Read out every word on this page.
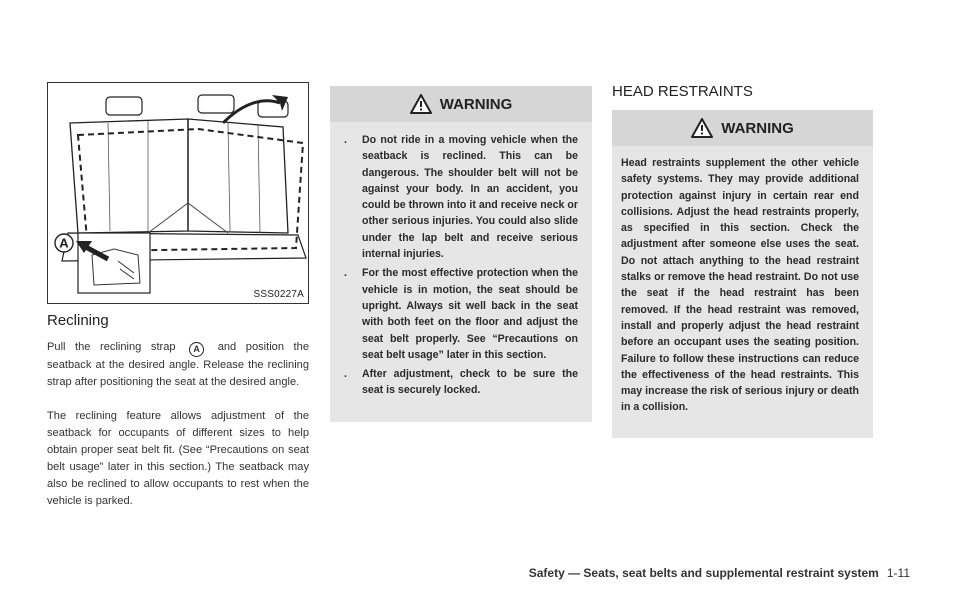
A
SSS0227A
Reclining

Pull the reclining strap A and position the seatback at the desired angle. Release the reclining strap after positioning the seat at the desired angle.

The reclining feature allows adjustment of the seatback for occupants of different sizes to help obtain proper seat belt fit. (See “Precautions on seat belt usage” later in this section.) The seatback may also be reclined to allow occupants to rest when the vehicle is parked.

WARNING
. Do not ride in a moving vehicle when the seatback is reclined. This can be dangerous. The shoulder belt will not be against your body. In an accident, you could be thrown into it and receive neck or other serious injuries. You could also slide under the lap belt and receive serious internal injuries.
. For the most effective protection when the vehicle is in motion, the seat should be upright. Always sit well back in the seat with both feet on the floor and adjust the seat belt properly. See “Precautions on seat belt usage” later in this section.
. After adjustment, check to be sure the seat is securely locked.
HEAD RESTRAINTS
WARNING

Head restraints supplement the other vehicle safety systems. They may provide additional protection against injury in certain rear end collisions. Adjust the head restraints properly, as specified in this section. Check the adjustment after someone else uses the seat. Do not attach anything to the head restraint stalks or remove the head restraint. Do not use the seat if the head restraint has been removed. If the head restraint was removed, install and properly adjust the head restraint before an occupant uses the seating position. Failure to follow these instructions can reduce the effectiveness of the head restraints. This may increase the risk of serious injury or death in a collision.

Safety — Seats, seat belts and supplemental restraint system 1-11
